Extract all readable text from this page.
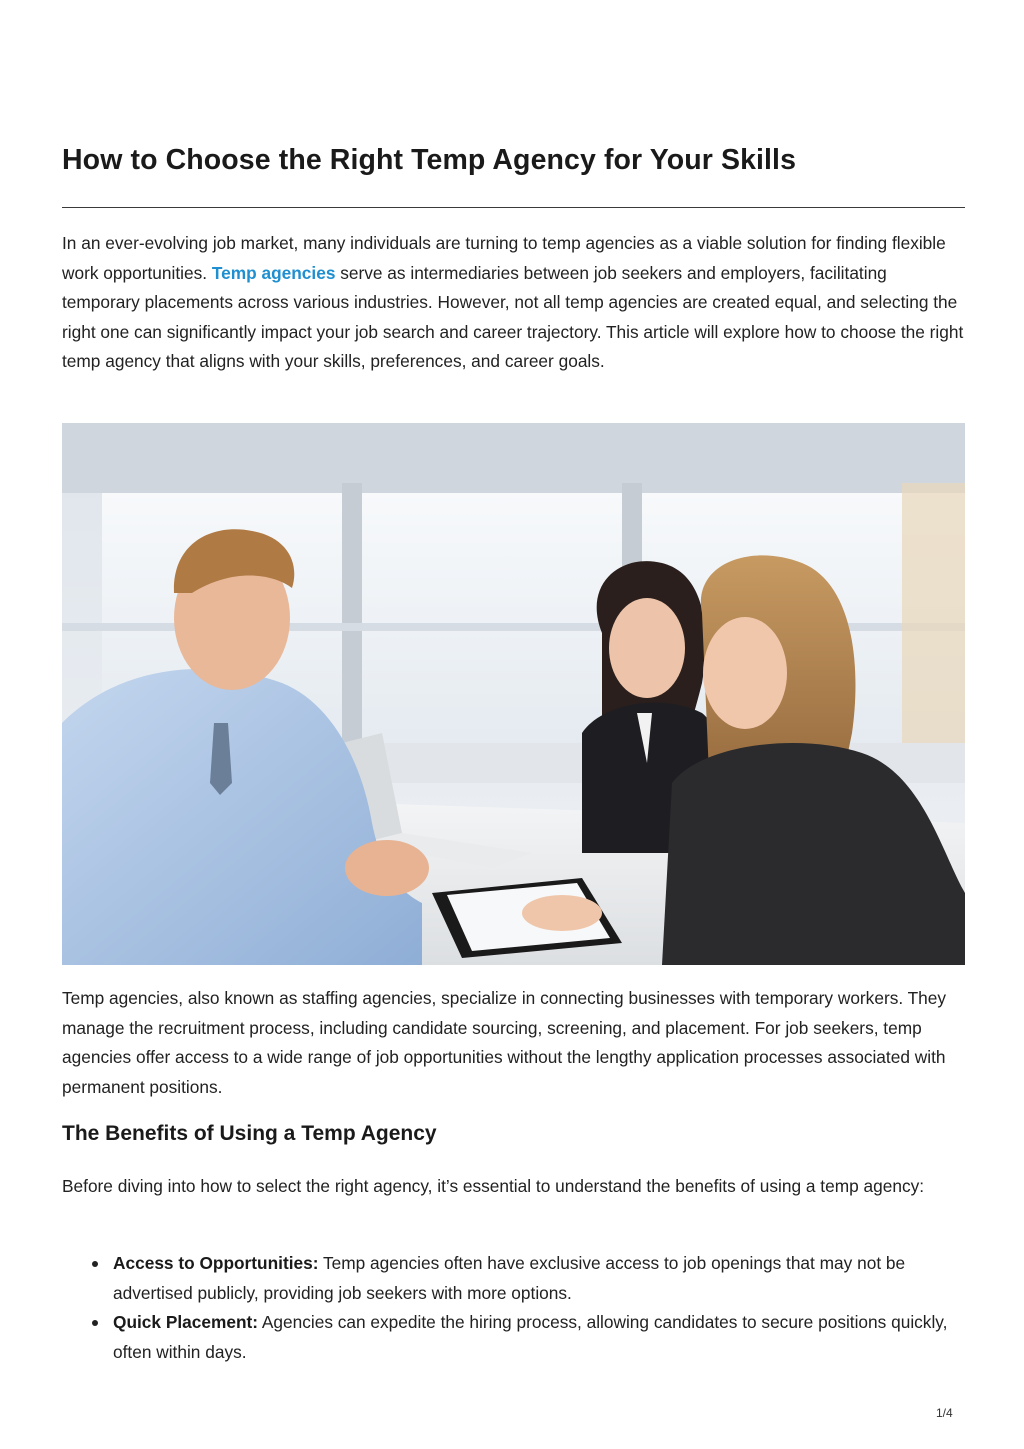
How to Choose the Right Temp Agency for Your Skills

In an ever-evolving job market, many individuals are turning to temp agencies as a viable solution for finding flexible work opportunities. Temp agencies serve as intermediaries between job seekers and employers, facilitating temporary placements across various industries. However, not all temp agencies are created equal, and selecting the right one can significantly impact your job search and career trajectory. This article will explore how to choose the right temp agency that aligns with your skills, preferences, and career goals.

Temp agencies, also known as staffing agencies, specialize in connecting businesses with temporary workers. They manage the recruitment process, including candidate sourcing, screening, and placement. For job seekers, temp agencies offer access to a wide range of job opportunities without the lengthy application processes associated with permanent positions.

The Benefits of Using a Temp Agency

Before diving into how to select the right agency, it’s essential to understand the benefits of using a temp agency:

Access to Opportunities: Temp agencies often have exclusive access to job openings that may not be advertised publicly, providing job seekers with more options.
Quick Placement: Agencies can expedite the hiring process, allowing candidates to secure positions quickly, often within days.
1/4
